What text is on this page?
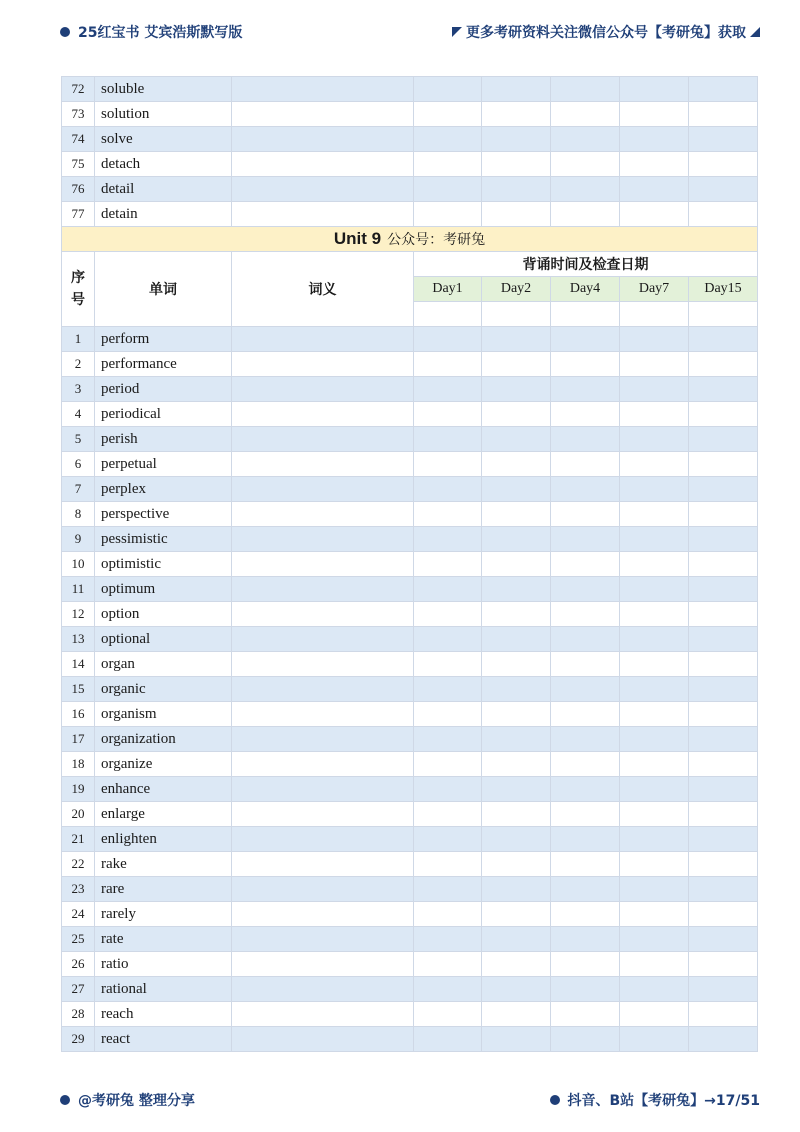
25红宝书 艾宾浩斯默写版	更多考研资料关注微信公众号【考研兔】获取

72	soluble						
73	solution						
74	solve						
75	detach						
76	detail						
77	detain						
Unit 9 公众号：考研兔							
序
号	单词	词义	背诵时间及检查日期				
			Day1	Day2	Day4	Day7	Day15

1	perform						
2	performance						
3	period						
4	periodical						
5	perish						
6	perpetual						
7	perplex						
8	perspective						
9	pessimistic						
10	optimistic						
11	optimum						
12	option						
13	optional						
14	organ						
15	organic						
16	organism						
17	organization						
18	organize						
19	enhance						
20	enlarge						
21	enlighten						
22	rake						
23	rare						
24	rarely						
25	rate						
26	ratio						
27	rational						
28	reach						
29	react						
@考研兔 整理分享	抖音、B站【考研兔】→17/51
